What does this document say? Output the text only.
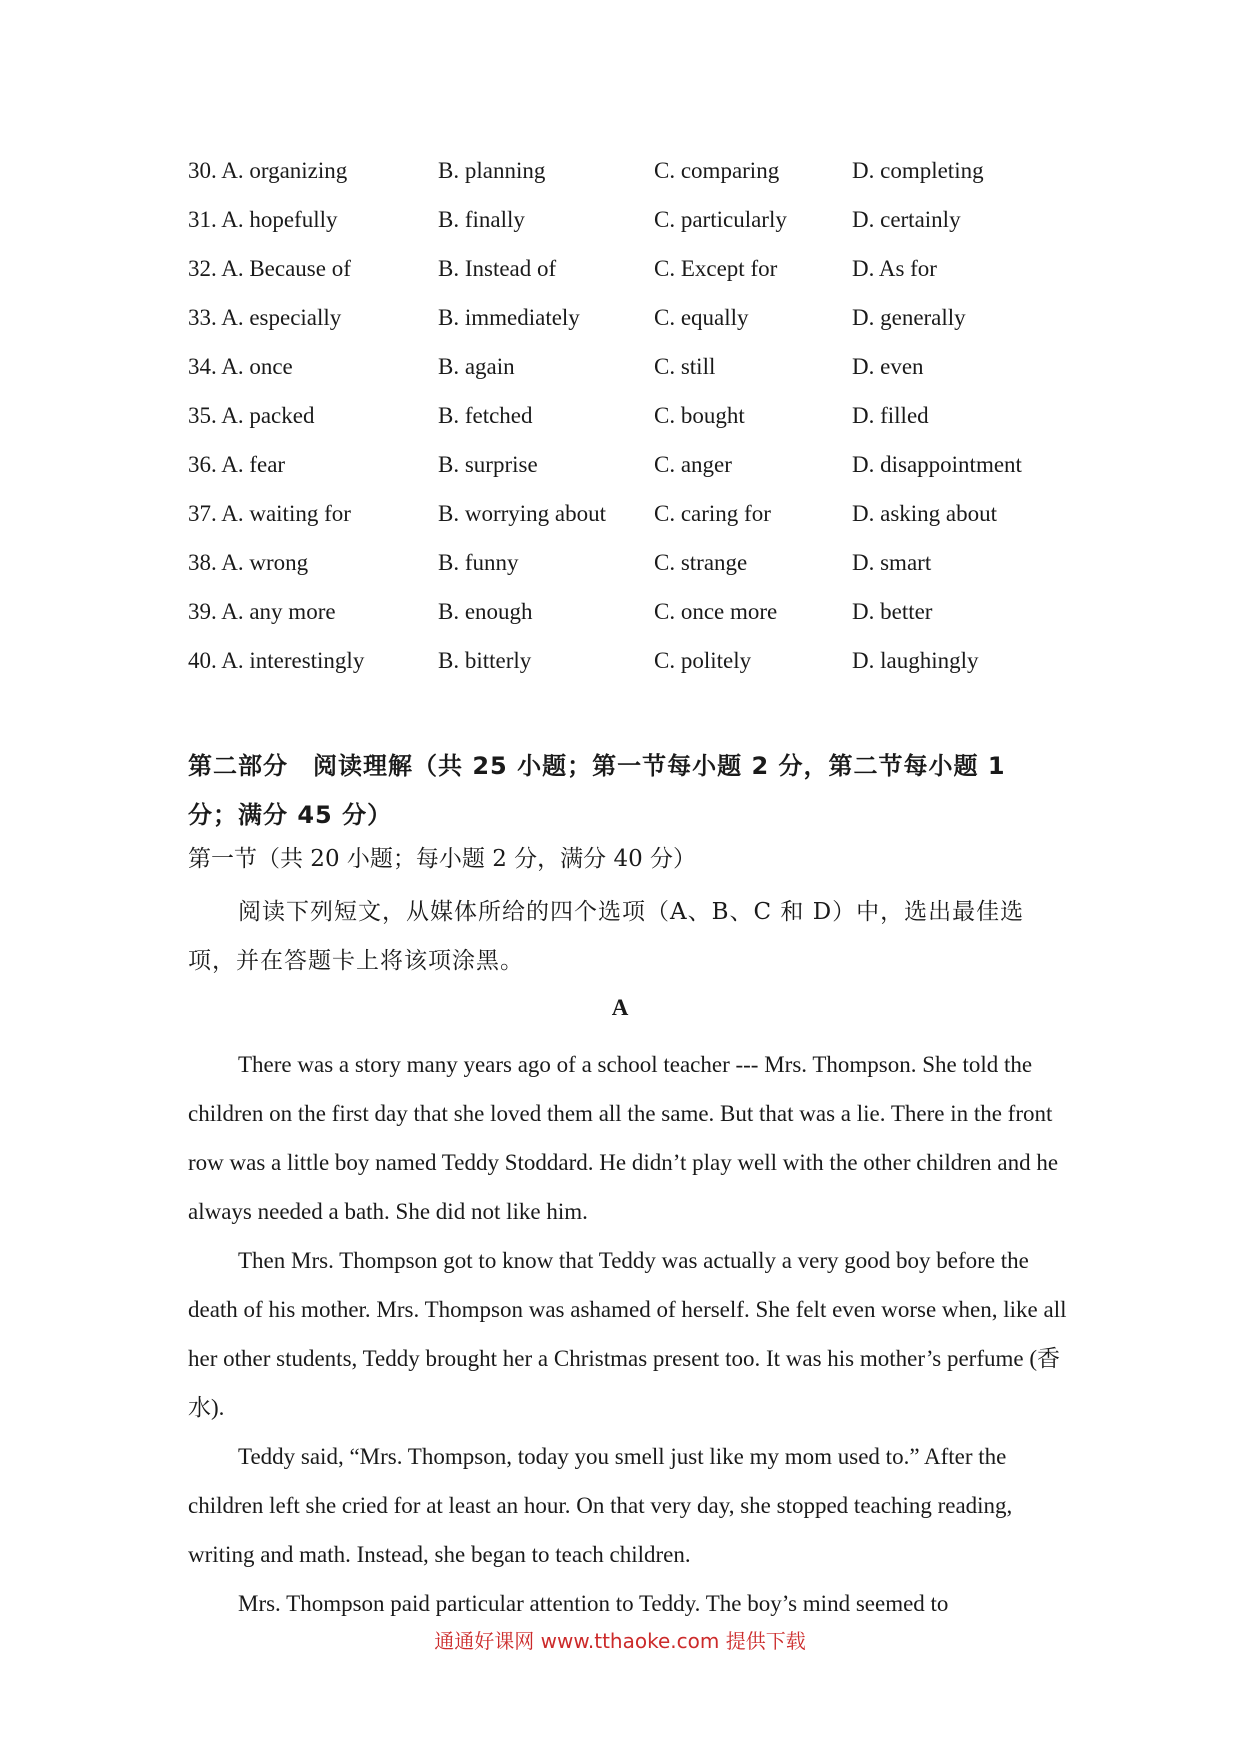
30. A. organizing	B. planning	C. comparing	D. completing
31. A. hopefully	B. finally	C. particularly	D. certainly
32. A. Because of	B. Instead of	C. Except for	D. As for
33. A. especially	B. immediately	C. equally	D. generally
34. A. once	B. again	C. still	D. even
35. A. packed	B. fetched	C. bought	D. filled
36. A. fear	B. surprise	C. anger	D. disappointment
37. A. waiting for	B. worrying about C. caring for	D. asking about
38. A. wrong	B. funny	C. strange	D. smart
39. A. any more	B. enough	C. once more	D. better
40. A. interestingly	B. bitterly	C. politely	D. laughingly
第二部分　阅读理解（共 25 小题；第一节每小题 2 分，第二节每小题 1 分；满分 45 分）
第一节（共 20 小题；每小题 2 分，满分 40 分）
阅读下列短文，从媒体所给的四个选项（A、B、C 和 D）中，选出最佳选项，并在答题卡上将该项涂黑。
A

There was a story many years ago of a school teacher --- Mrs. Thompson. She told the children on the first day that she loved them all the same. But that was a lie. There in the front row was a little boy named Teddy Stoddard. He didn’t play well with the other children and he always needed a bath. She did not like him.

Then Mrs. Thompson got to know that Teddy was actually a very good boy before the death of his mother. Mrs. Thompson was ashamed of herself. She felt even worse when, like all her other students, Teddy brought her a Christmas present too. It was his mother’s perfume (香水).

Teddy said, “Mrs. Thompson, today you smell just like my mom used to.” After the children left she cried for at least an hour. On that very day, she stopped teaching reading, writing and math. Instead, she began to teach children.

Mrs. Thompson paid particular attention to Teddy. The boy’s mind seemed to

通通好课网 www.tthaoke.com 提供下载
